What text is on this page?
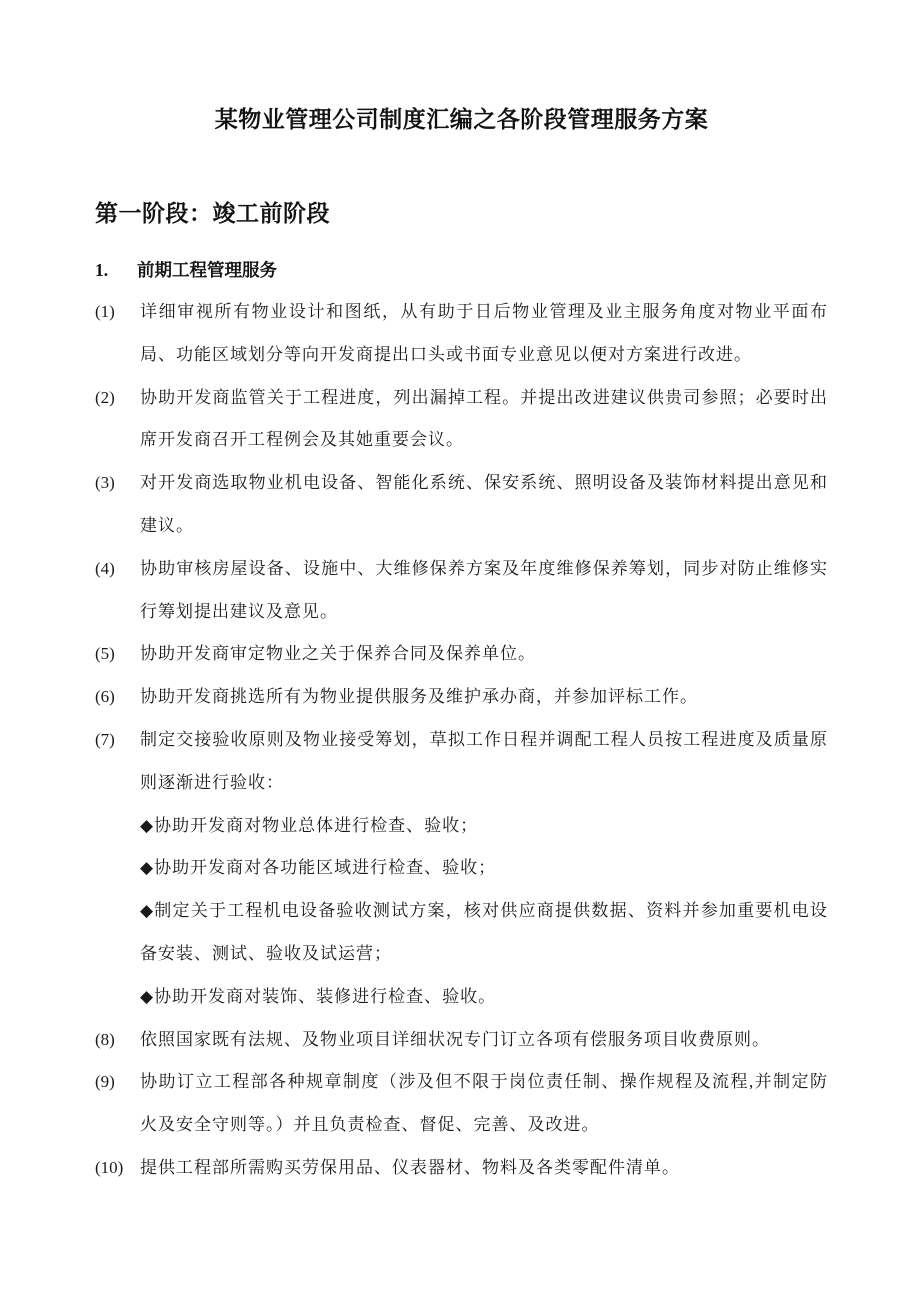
某物业管理公司制度汇编之各阶段管理服务方案
第一阶段：竣工前阶段
1. 前期工程管理服务
(1) 详细审视所有物业设计和图纸，从有助于日后物业管理及业主服务角度对物业平面布局、功能区域划分等向开发商提出口头或书面专业意见以便对方案进行改进。
(2) 协助开发商监管关于工程进度，列出漏掉工程。并提出改进建议供贵司参照；必要时出席开发商召开工程例会及其她重要会议。
(3) 对开发商选取物业机电设备、智能化系统、保安系统、照明设备及装饰材料提出意见和建议。
(4) 协助审核房屋设备、设施中、大维修保养方案及年度维修保养筹划，同步对防止维修实行筹划提出建议及意见。
(5) 协助开发商审定物业之关于保养合同及保养单位。
(6) 协助开发商挑选所有为物业提供服务及维护承办商，并参加评标工作。
(7) 制定交接验收原则及物业接受筹划，草拟工作日程并调配工程人员按工程进度及质量原则逐渐进行验收：
◆协助开发商对物业总体进行检查、验收；
◆协助开发商对各功能区域进行检查、验收；
◆制定关于工程机电设备验收测试方案，核对供应商提供数据、资料并参加重要机电设备安装、测试、验收及试运营；
◆协助开发商对装饰、装修进行检查、验收。
(8) 依照国家既有法规、及物业项目详细状况专门订立各项有偿服务项目收费原则。
(9) 协助订立工程部各种规章制度（涉及但不限于岗位责任制、操作规程及流程,并制定防火及安全守则等。）并且负责检查、督促、完善、及改进。
(10) 提供工程部所需购买劳保用品、仪表器材、物料及各类零配件清单。
